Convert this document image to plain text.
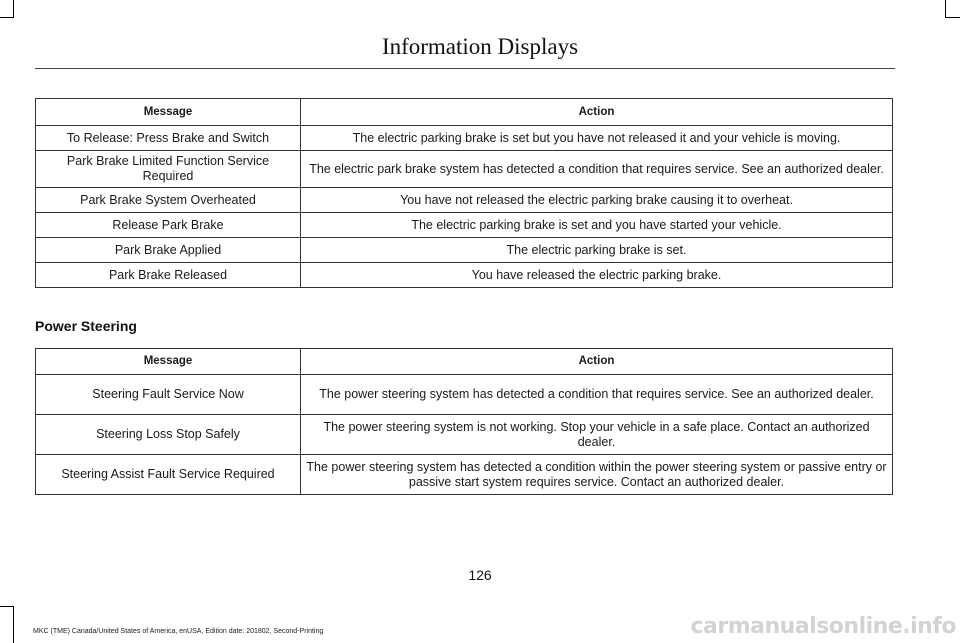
Information Displays
Message	Action
To Release: Press Brake and Switch	The electric parking brake is set but you have not released it and your vehicle is moving.
Park Brake Limited Function Service Required	The electric park brake system has detected a condition that requires service. See an authorized dealer.
Park Brake System Overheated	You have not released the electric parking brake causing it to overheat.
Release Park Brake	The electric parking brake is set and you have started your vehicle.
Park Brake Applied	The electric parking brake is set.
Park Brake Released	You have released the electric parking brake.
Power Steering
Message	Action
Steering Fault Service Now	The power steering system has detected a condition that requires service. See an authorized dealer.
Steering Loss Stop Safely	The power steering system is not working. Stop your vehicle in a safe place. Contact an authorized dealer.
Steering Assist Fault Service Required	The power steering system has detected a condition within the power steering system or passive entry or passive start system requires service. Contact an authorized dealer.
126
MKC (TME) Canada/United States of America, enUSA, Edition date: 201802, Second-Printing	carmanualsonline.info
